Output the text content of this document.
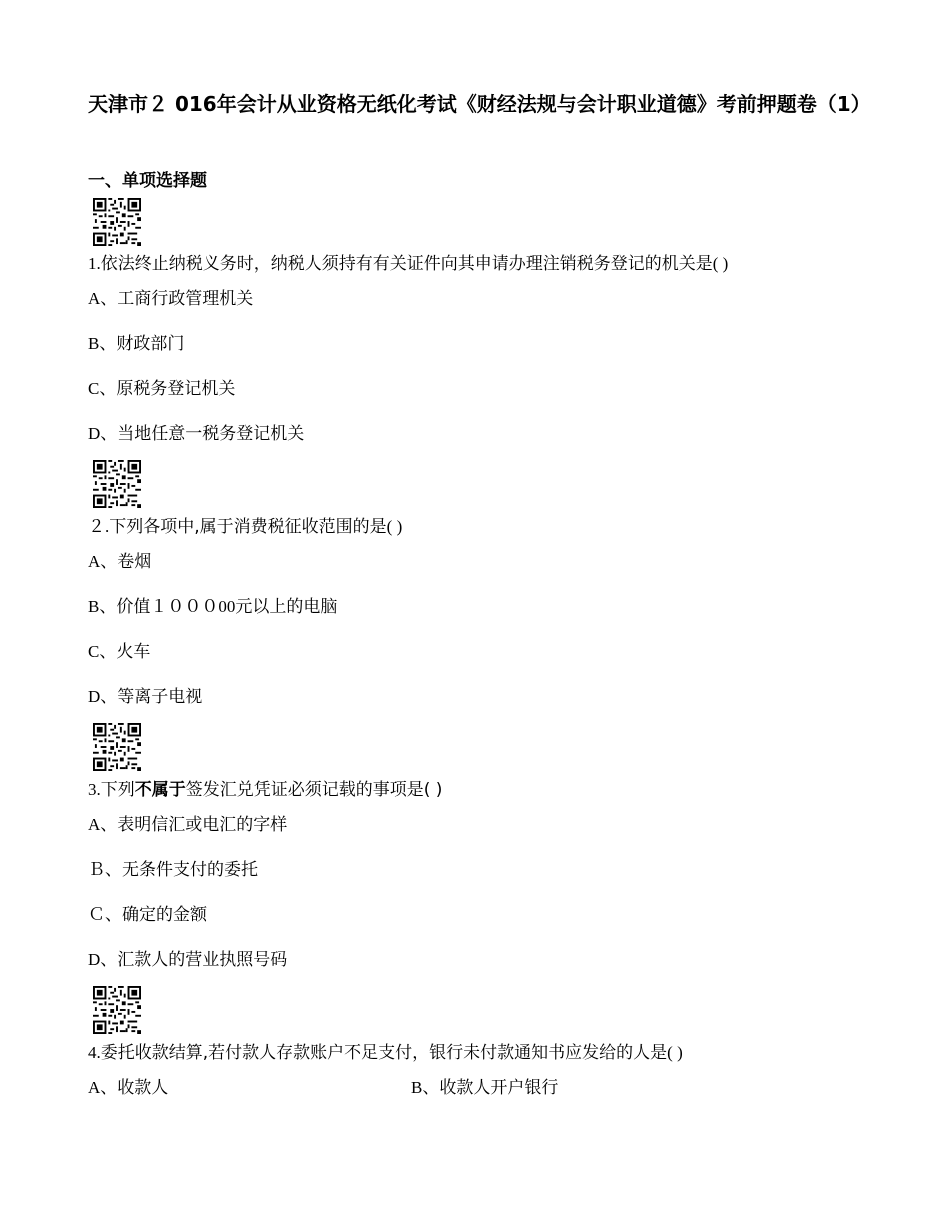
天津市２ 016年会计从业资格无纸化考试《财经法规与会计职业道德》考前押题卷（1）
一、单项选择题
1.依法终止纳税义务时，纳税人须持有有关证件向其申请办理注销税务登记的机关是( )
A、工商行政管理机关
B、财政部门
C、原税务登记机关
D、当地任意一税务登记机关
２.下列各项中,属于消费税征收范围的是( )
A、卷烟
B、价值１０００00元以上的电脑
C、火车
D、等离子电视
3.下列不属于签发汇兑凭证必须记载的事项是( )
A、表明信汇或电汇的字样
Ｂ、无条件支付的委托
Ｃ、确定的金额
D、汇款人的营业执照号码
4.委托收款结算,若付款人存款账户不足支付，银行未付款通知书应发给的人是( )
A、收款人	B、收款人开户银行
